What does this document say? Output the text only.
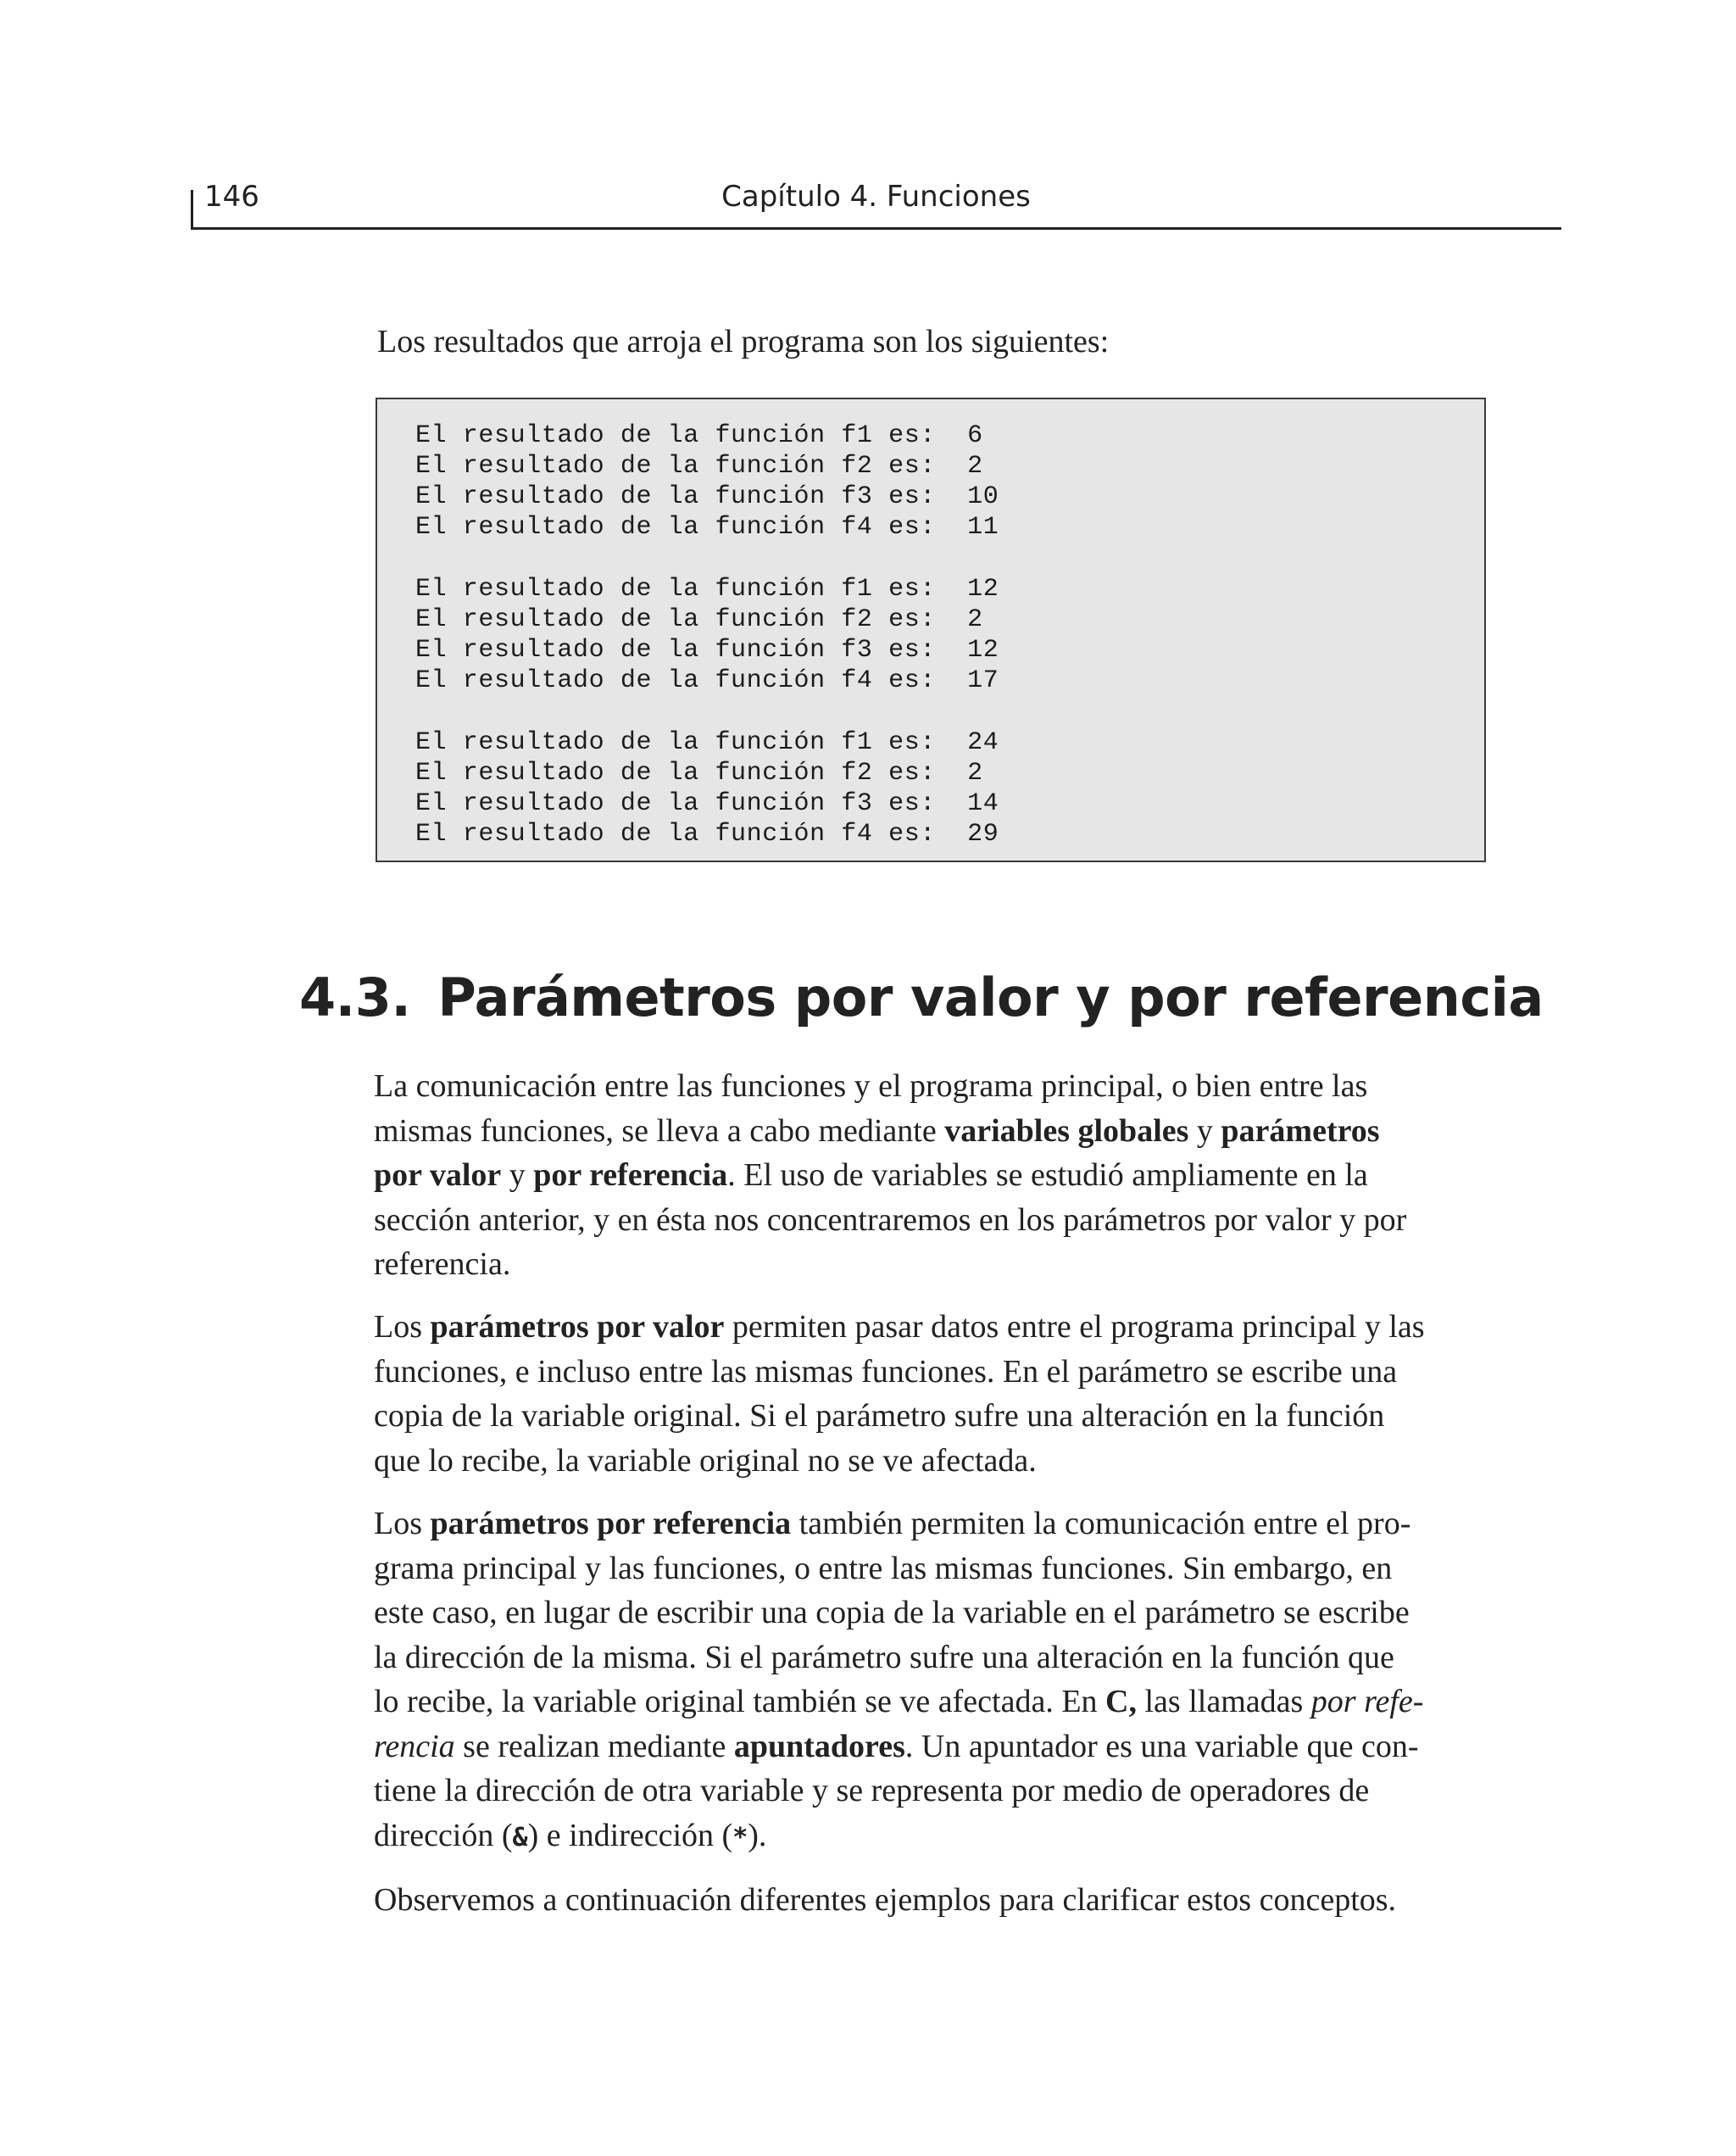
146	Capítulo 4. Funciones
Los resultados que arroja el programa son los siguientes:
El resultado de la función f1 es:  6
El resultado de la función f2 es:  2
El resultado de la función f3 es:  10
El resultado de la función f4 es:  11
El resultado de la función f1 es:  12
El resultado de la función f2 es:  2
El resultado de la función f3 es:  12
El resultado de la función f4 es:  17
El resultado de la función f1 es:  24
El resultado de la función f2 es:  2
El resultado de la función f3 es:  14
El resultado de la función f4 es:  29
4.3. Parámetros por valor y por referencia
La comunicación entre las funciones y el programa principal, o bien entre las
mismas funciones, se lleva a cabo mediante variables globales y parámetros
por valor y por referencia. El uso de variables se estudió ampliamente en la
sección anterior, y en ésta nos concentraremos en los parámetros por valor y por
referencia.
Los parámetros por valor permiten pasar datos entre el programa principal y las
funciones, e incluso entre las mismas funciones. En el parámetro se escribe una
copia de la variable original. Si el parámetro sufre una alteración en la función
que lo recibe, la variable original no se ve afectada.
Los parámetros por referencia también permiten la comunicación entre el pro-
grama principal y las funciones, o entre las mismas funciones. Sin embargo, en
este caso, en lugar de escribir una copia de la variable en el parámetro se escribe
la dirección de la misma. Si el parámetro sufre una alteración en la función que
lo recibe, la variable original también se ve afectada. En C, las llamadas por refe-
rencia se realizan mediante apuntadores. Un apuntador es una variable que con-
tiene la dirección de otra variable y se representa por medio de operadores de
dirección (&) e indirección (*).
Observemos a continuación diferentes ejemplos para clarificar estos conceptos.
